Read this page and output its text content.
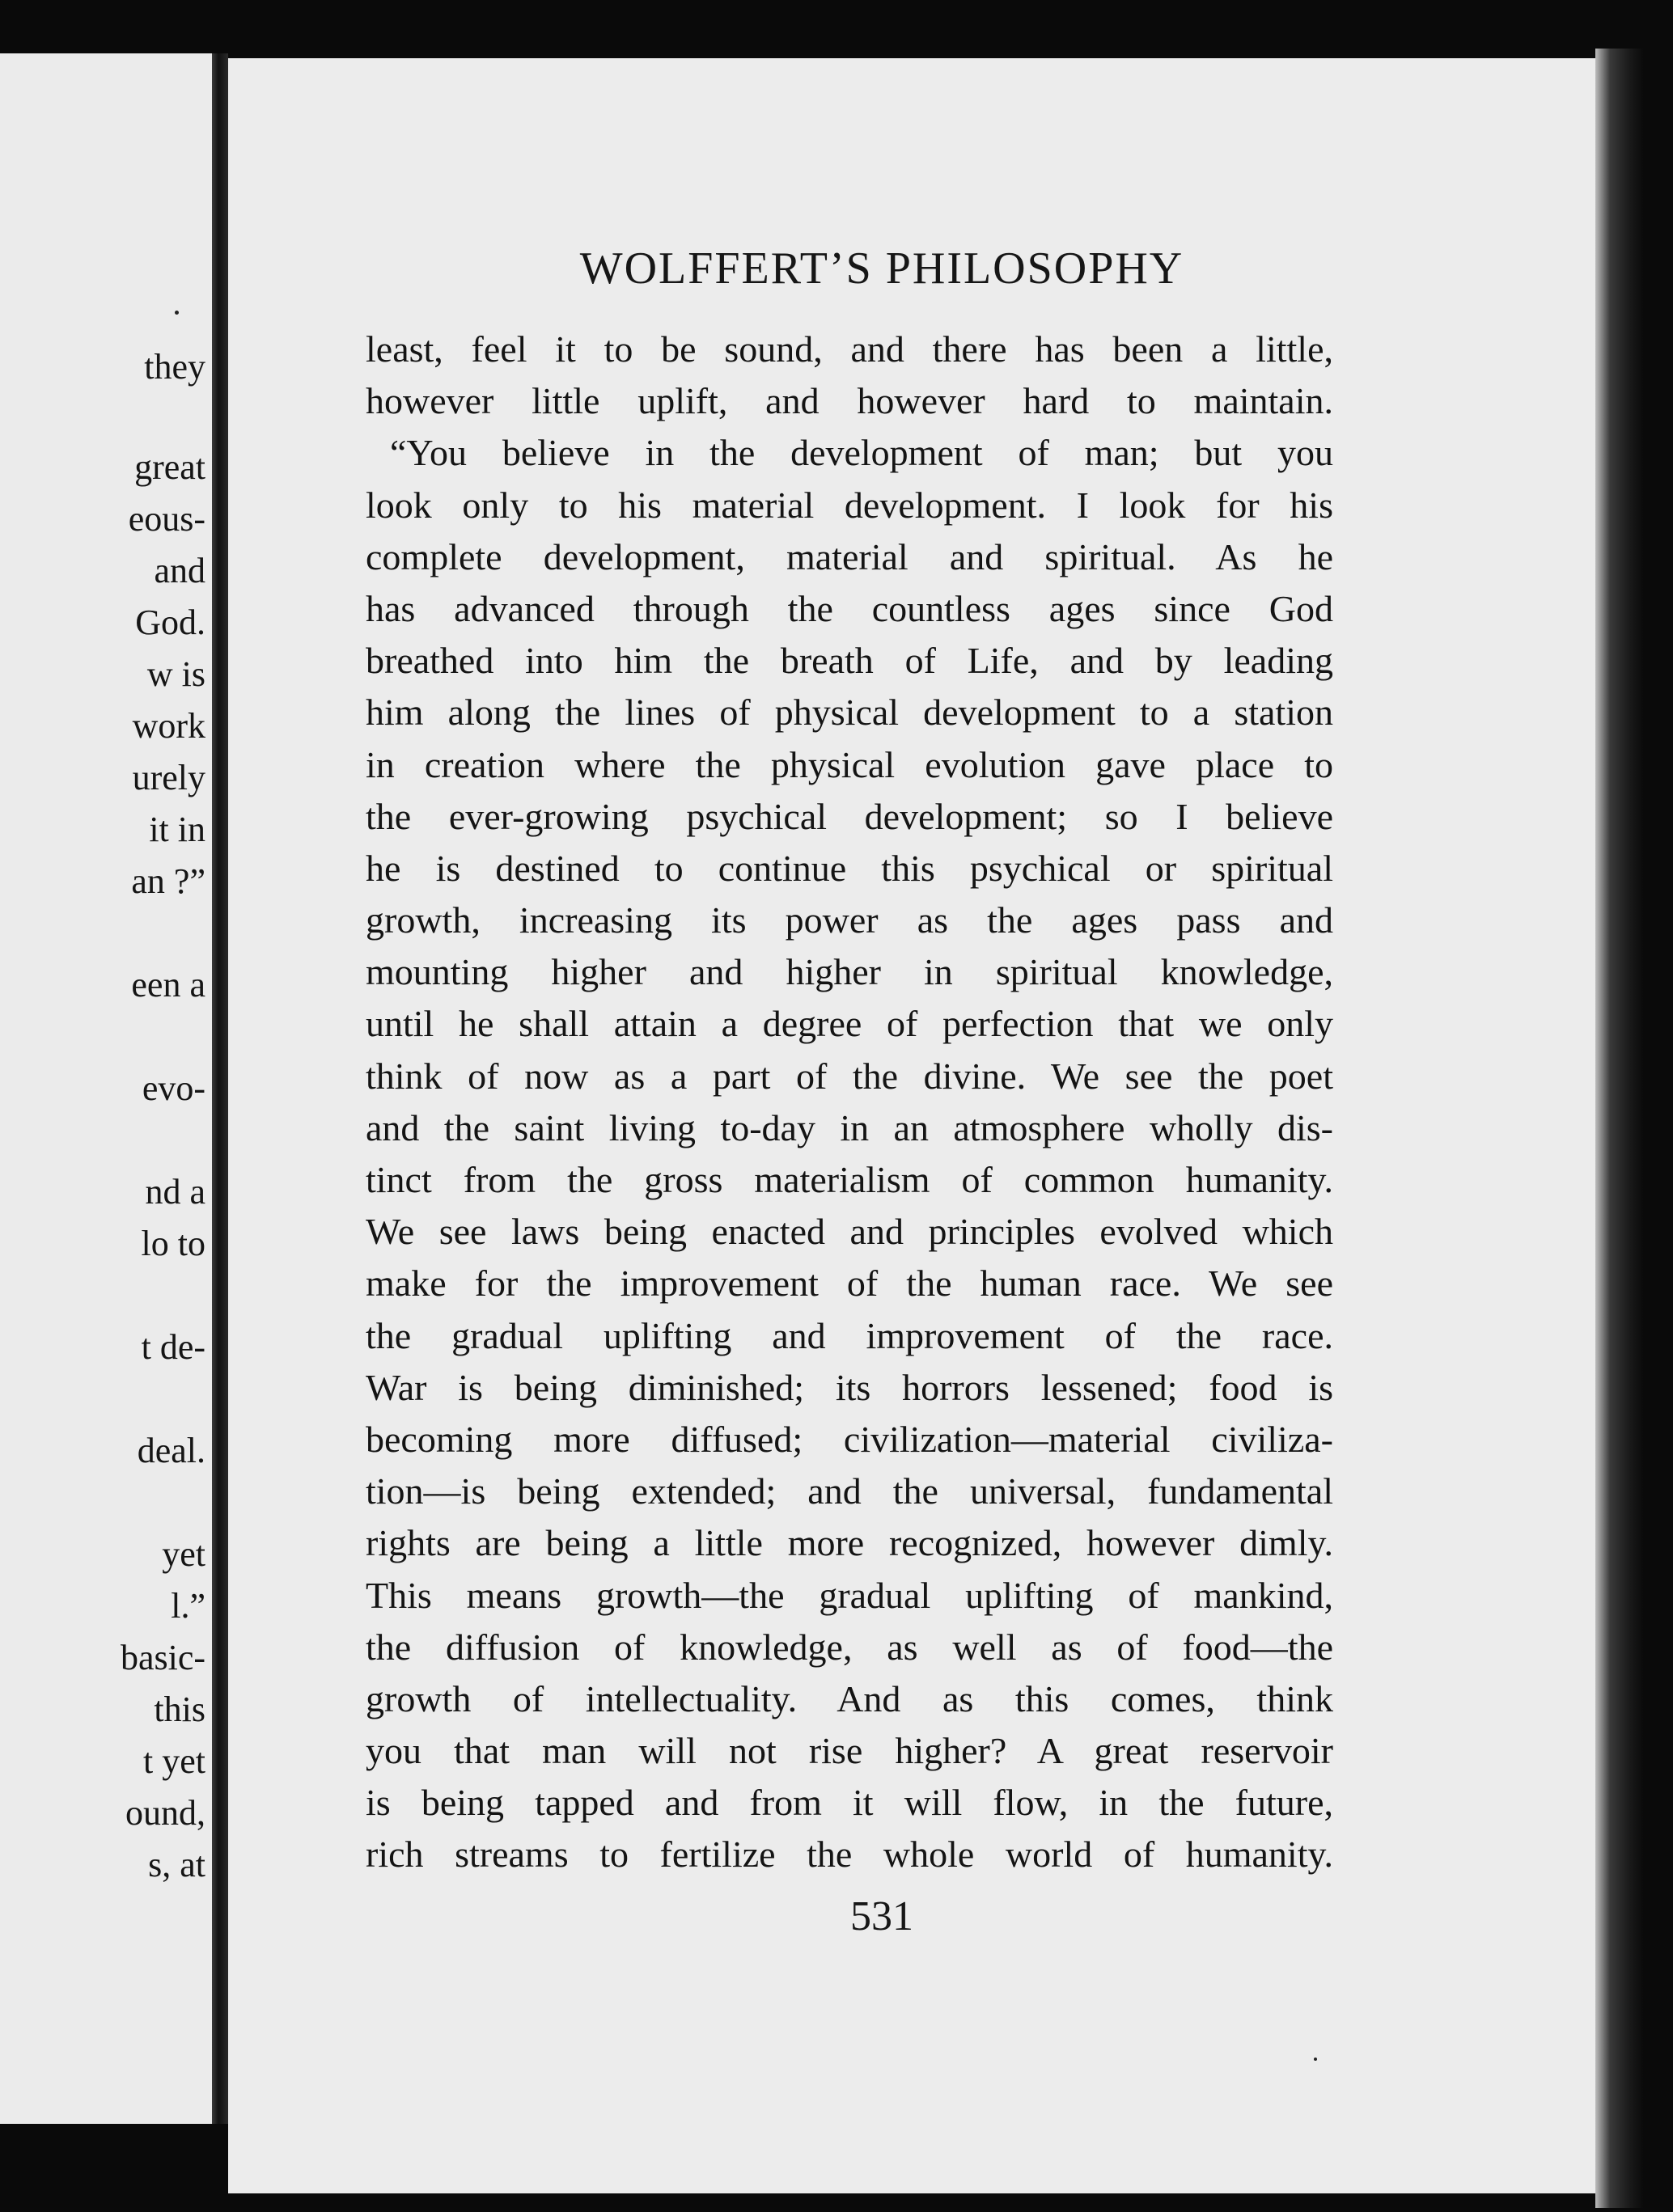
they
great
eous-
and
God.
w is
work
urely
it in
an ?”
een a
evo-
nd a
lo to
t de-
deal.
yet
l.”
basic-
this
t yet
ound,
s, at
WOLFFERT’S PHILOSOPHY
least, feel it to be sound, and there has been a little,
however little uplift, and however hard to maintain.
“You believe in the development of man; but you
look only to his material development. I look for his
complete development, material and spiritual. As he
has advanced through the countless ages since God
breathed into him the breath of Life, and by leading
him along the lines of physical development to a station
in creation where the physical evolution gave place to
the ever-growing psychical development; so I believe
he is destined to continue this psychical or spiritual
growth, increasing its power as the ages pass and
mounting higher and higher in spiritual knowledge,
until he shall attain a degree of perfection that we only
think of now as a part of the divine. We see the poet
and the saint living to-day in an atmosphere wholly dis-
tinct from the gross materialism of common humanity.
We see laws being enacted and principles evolved which
make for the improvement of the human race. We see
the gradual uplifting and improvement of the race.
War is being diminished; its horrors lessened; food is
becoming more diffused; civilization—material civiliza-
tion—is being extended; and the universal, fundamental
rights are being a little more recognized, however dimly.
This means growth—the gradual uplifting of mankind,
the diffusion of knowledge, as well as of food—the
growth of intellectuality. And as this comes, think
you that man will not rise higher? A great reservoir
is being tapped and from it will flow, in the future,
rich streams to fertilize the whole world of humanity.
531
